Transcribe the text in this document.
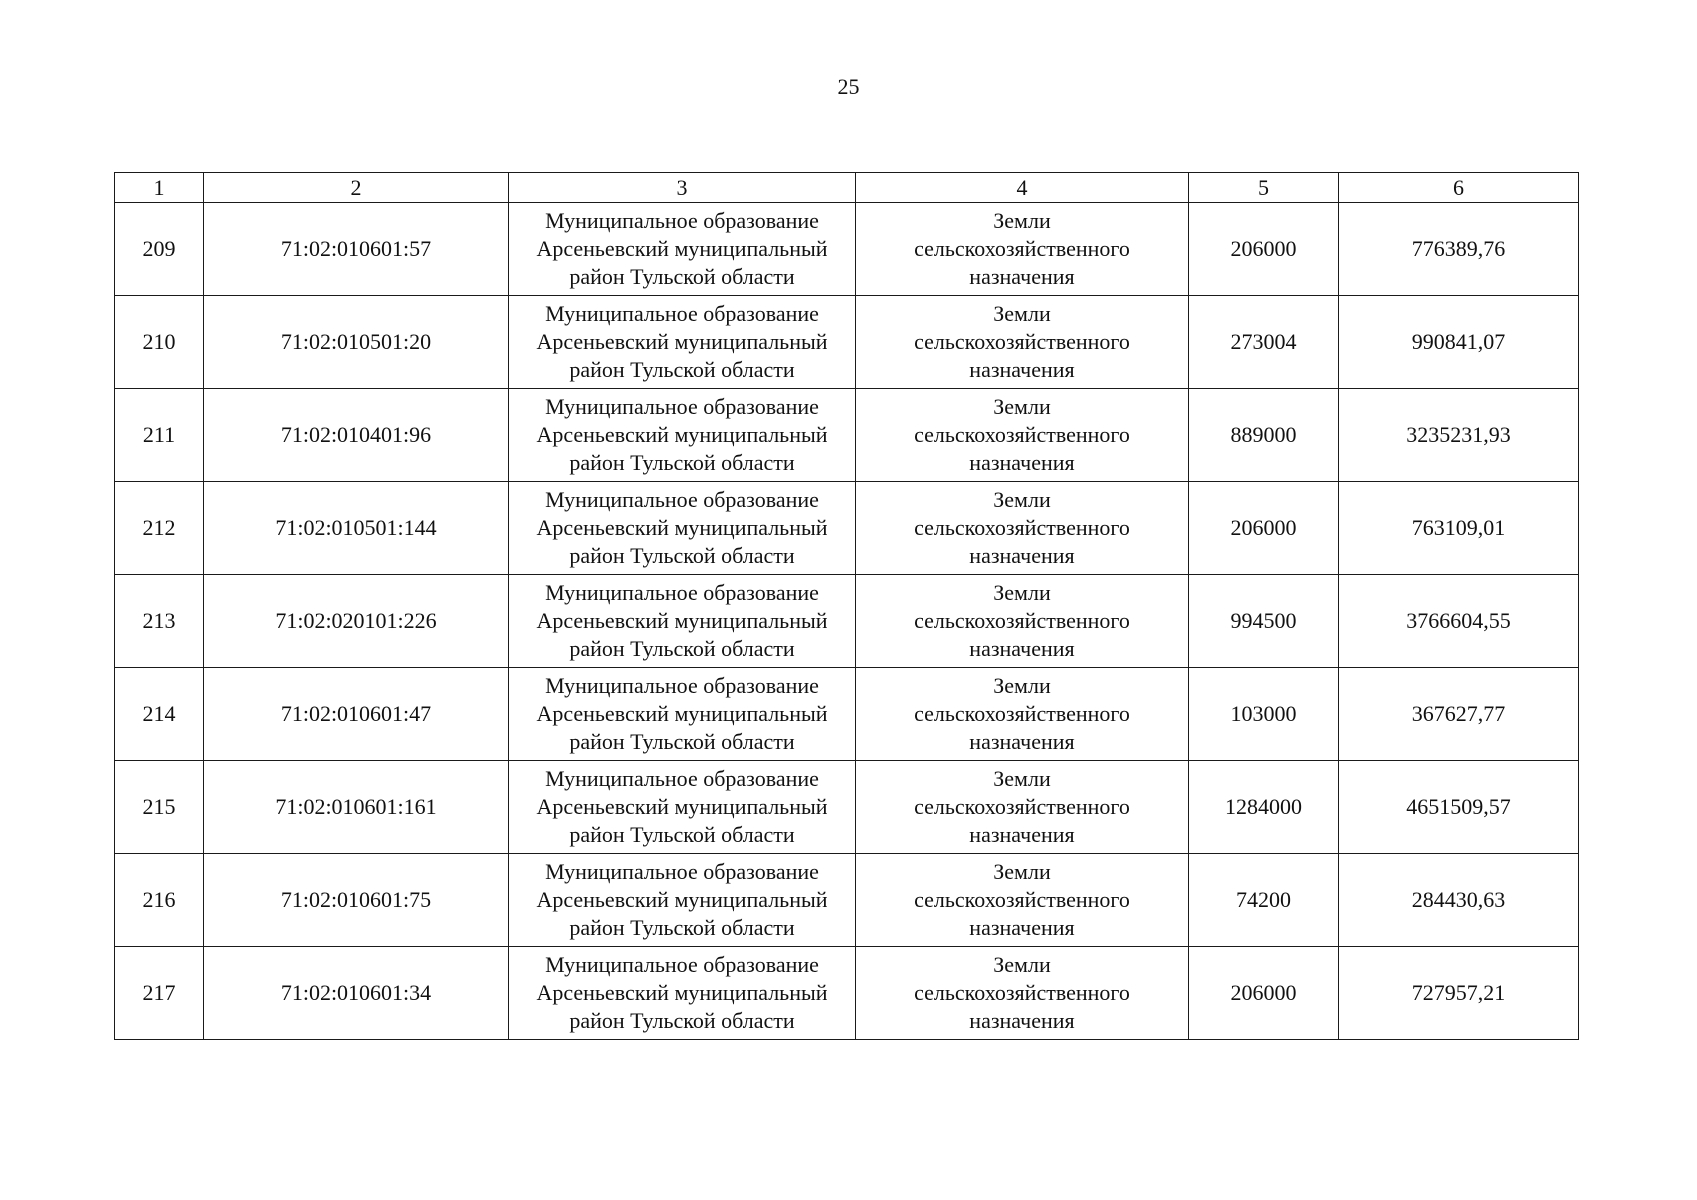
25
1	2	3	4	5	6
209	71:02:010601:57	Муниципальное образование
Арсеньевский муниципальный
район Тульской области	Земли
сельскохозяйственного
назначения	206000	776389,76
210	71:02:010501:20	Муниципальное образование
Арсеньевский муниципальный
район Тульской области	Земли
сельскохозяйственного
назначения	273004	990841,07
211	71:02:010401:96	Муниципальное образование
Арсеньевский муниципальный
район Тульской области	Земли
сельскохозяйственного
назначения	889000	3235231,93
212	71:02:010501:144	Муниципальное образование
Арсеньевский муниципальный
район Тульской области	Земли
сельскохозяйственного
назначения	206000	763109,01
213	71:02:020101:226	Муниципальное образование
Арсеньевский муниципальный
район Тульской области	Земли
сельскохозяйственного
назначения	994500	3766604,55
214	71:02:010601:47	Муниципальное образование
Арсеньевский муниципальный
район Тульской области	Земли
сельскохозяйственного
назначения	103000	367627,77
215	71:02:010601:161	Муниципальное образование
Арсеньевский муниципальный
район Тульской области	Земли
сельскохозяйственного
назначения	1284000	4651509,57
216	71:02:010601:75	Муниципальное образование
Арсеньевский муниципальный
район Тульской области	Земли
сельскохозяйственного
назначения	74200	284430,63
217	71:02:010601:34	Муниципальное образование
Арсеньевский муниципальный
район Тульской области	Земли
сельскохозяйственного
назначения	206000	727957,21
